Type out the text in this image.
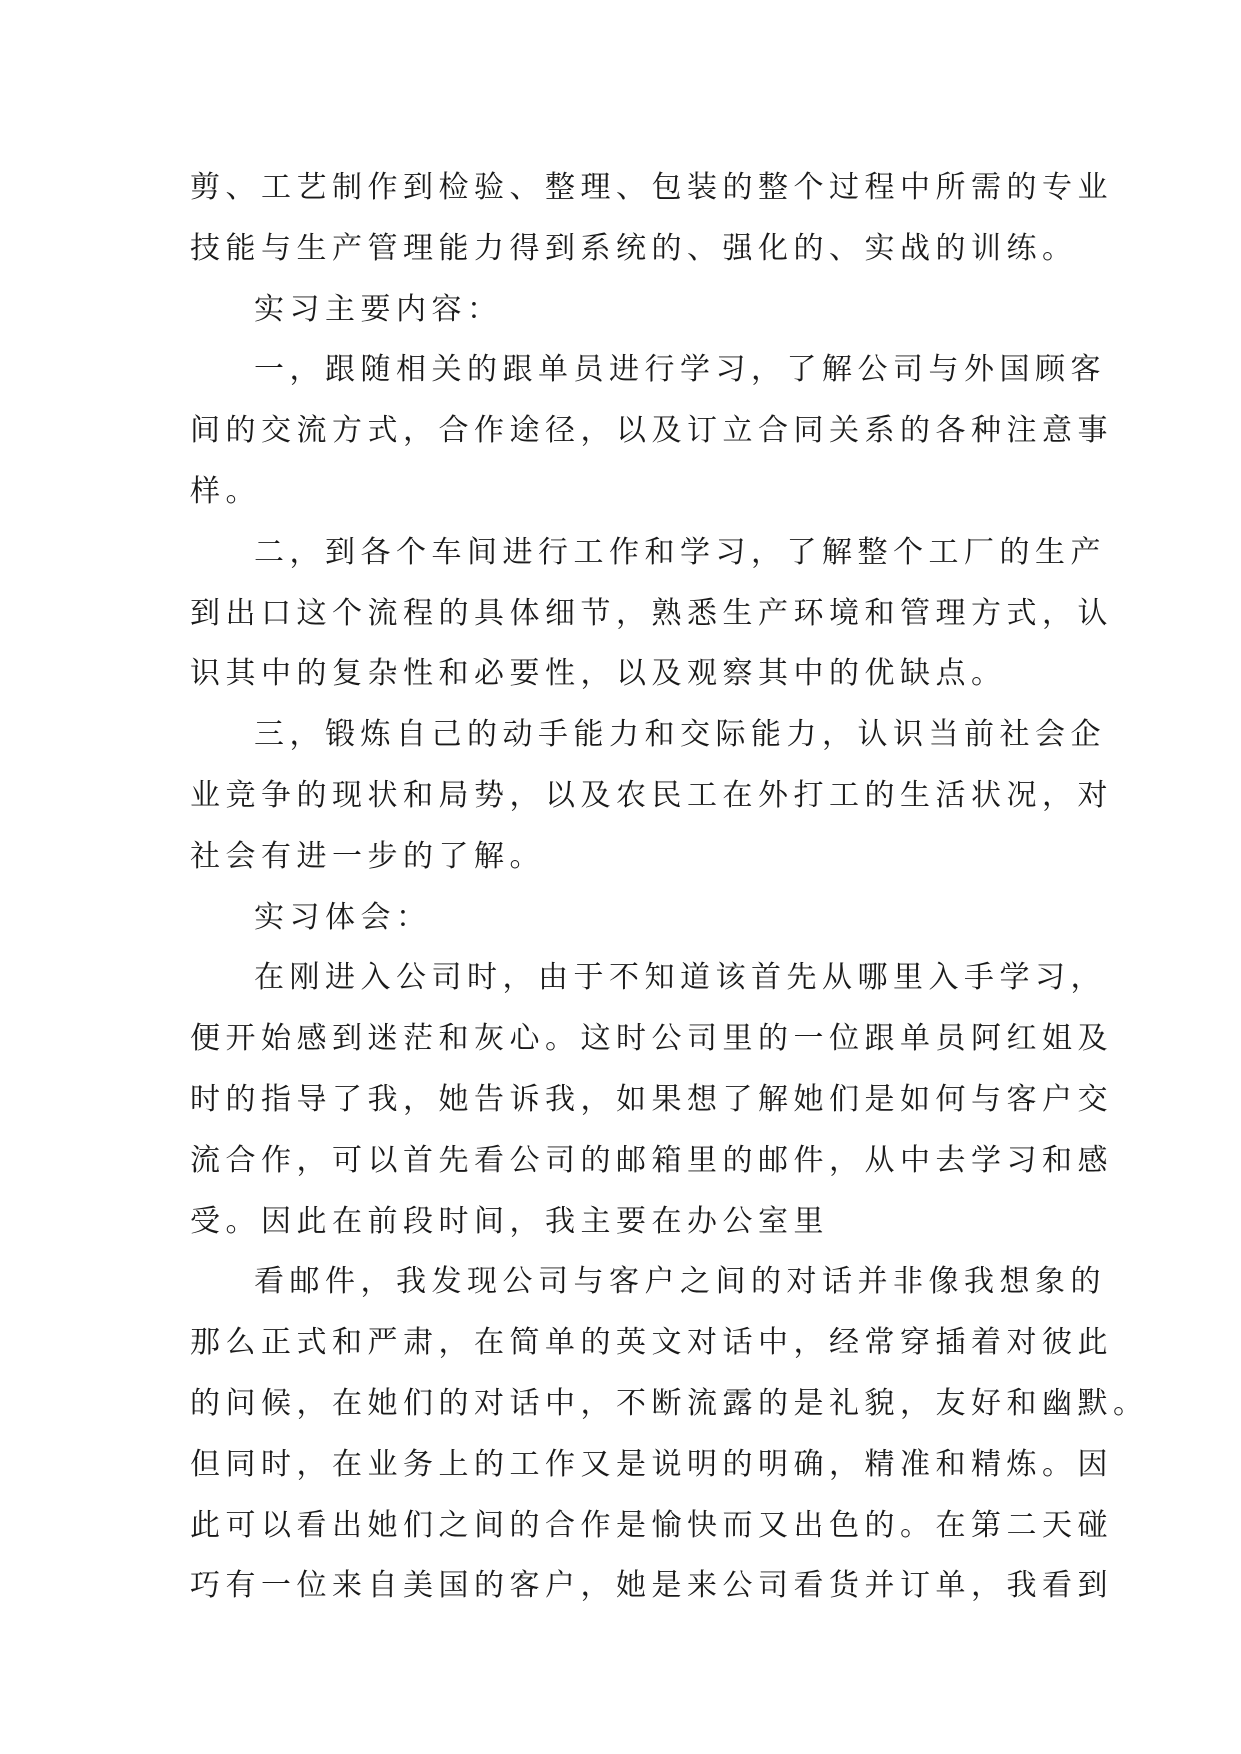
剪、工艺制作到检验、整理、包装的整个过程中所需的专业
技能与生产管理能力得到系统的、强化的、实战的训练。
实习主要内容：
一，跟随相关的跟单员进行学习，了解公司与外国顾客
间的交流方式，合作途径，以及订立合同关系的各种注意事
样。
二，到各个车间进行工作和学习，了解整个工厂的生产
到出口这个流程的具体细节，熟悉生产环境和管理方式，认
识其中的复杂性和必要性，以及观察其中的优缺点。
三，锻炼自己的动手能力和交际能力，认识当前社会企
业竞争的现状和局势，以及农民工在外打工的生活状况，对
社会有进一步的了解。
实习体会：
在刚进入公司时，由于不知道该首先从哪里入手学习，
便开始感到迷茫和灰心。这时公司里的一位跟单员阿红姐及
时的指导了我，她告诉我，如果想了解她们是如何与客户交
流合作，可以首先看公司的邮箱里的邮件，从中去学习和感
受。因此在前段时间，我主要在办公室里
看邮件，我发现公司与客户之间的对话并非像我想象的
那么正式和严肃，在简单的英文对话中，经常穿插着对彼此
的问候，在她们的对话中，不断流露的是礼貌，友好和幽默。
但同时，在业务上的工作又是说明的明确，精准和精炼。因
此可以看出她们之间的合作是愉快而又出色的。在第二天碰
巧有一位来自美国的客户，她是来公司看货并订单，我看到
